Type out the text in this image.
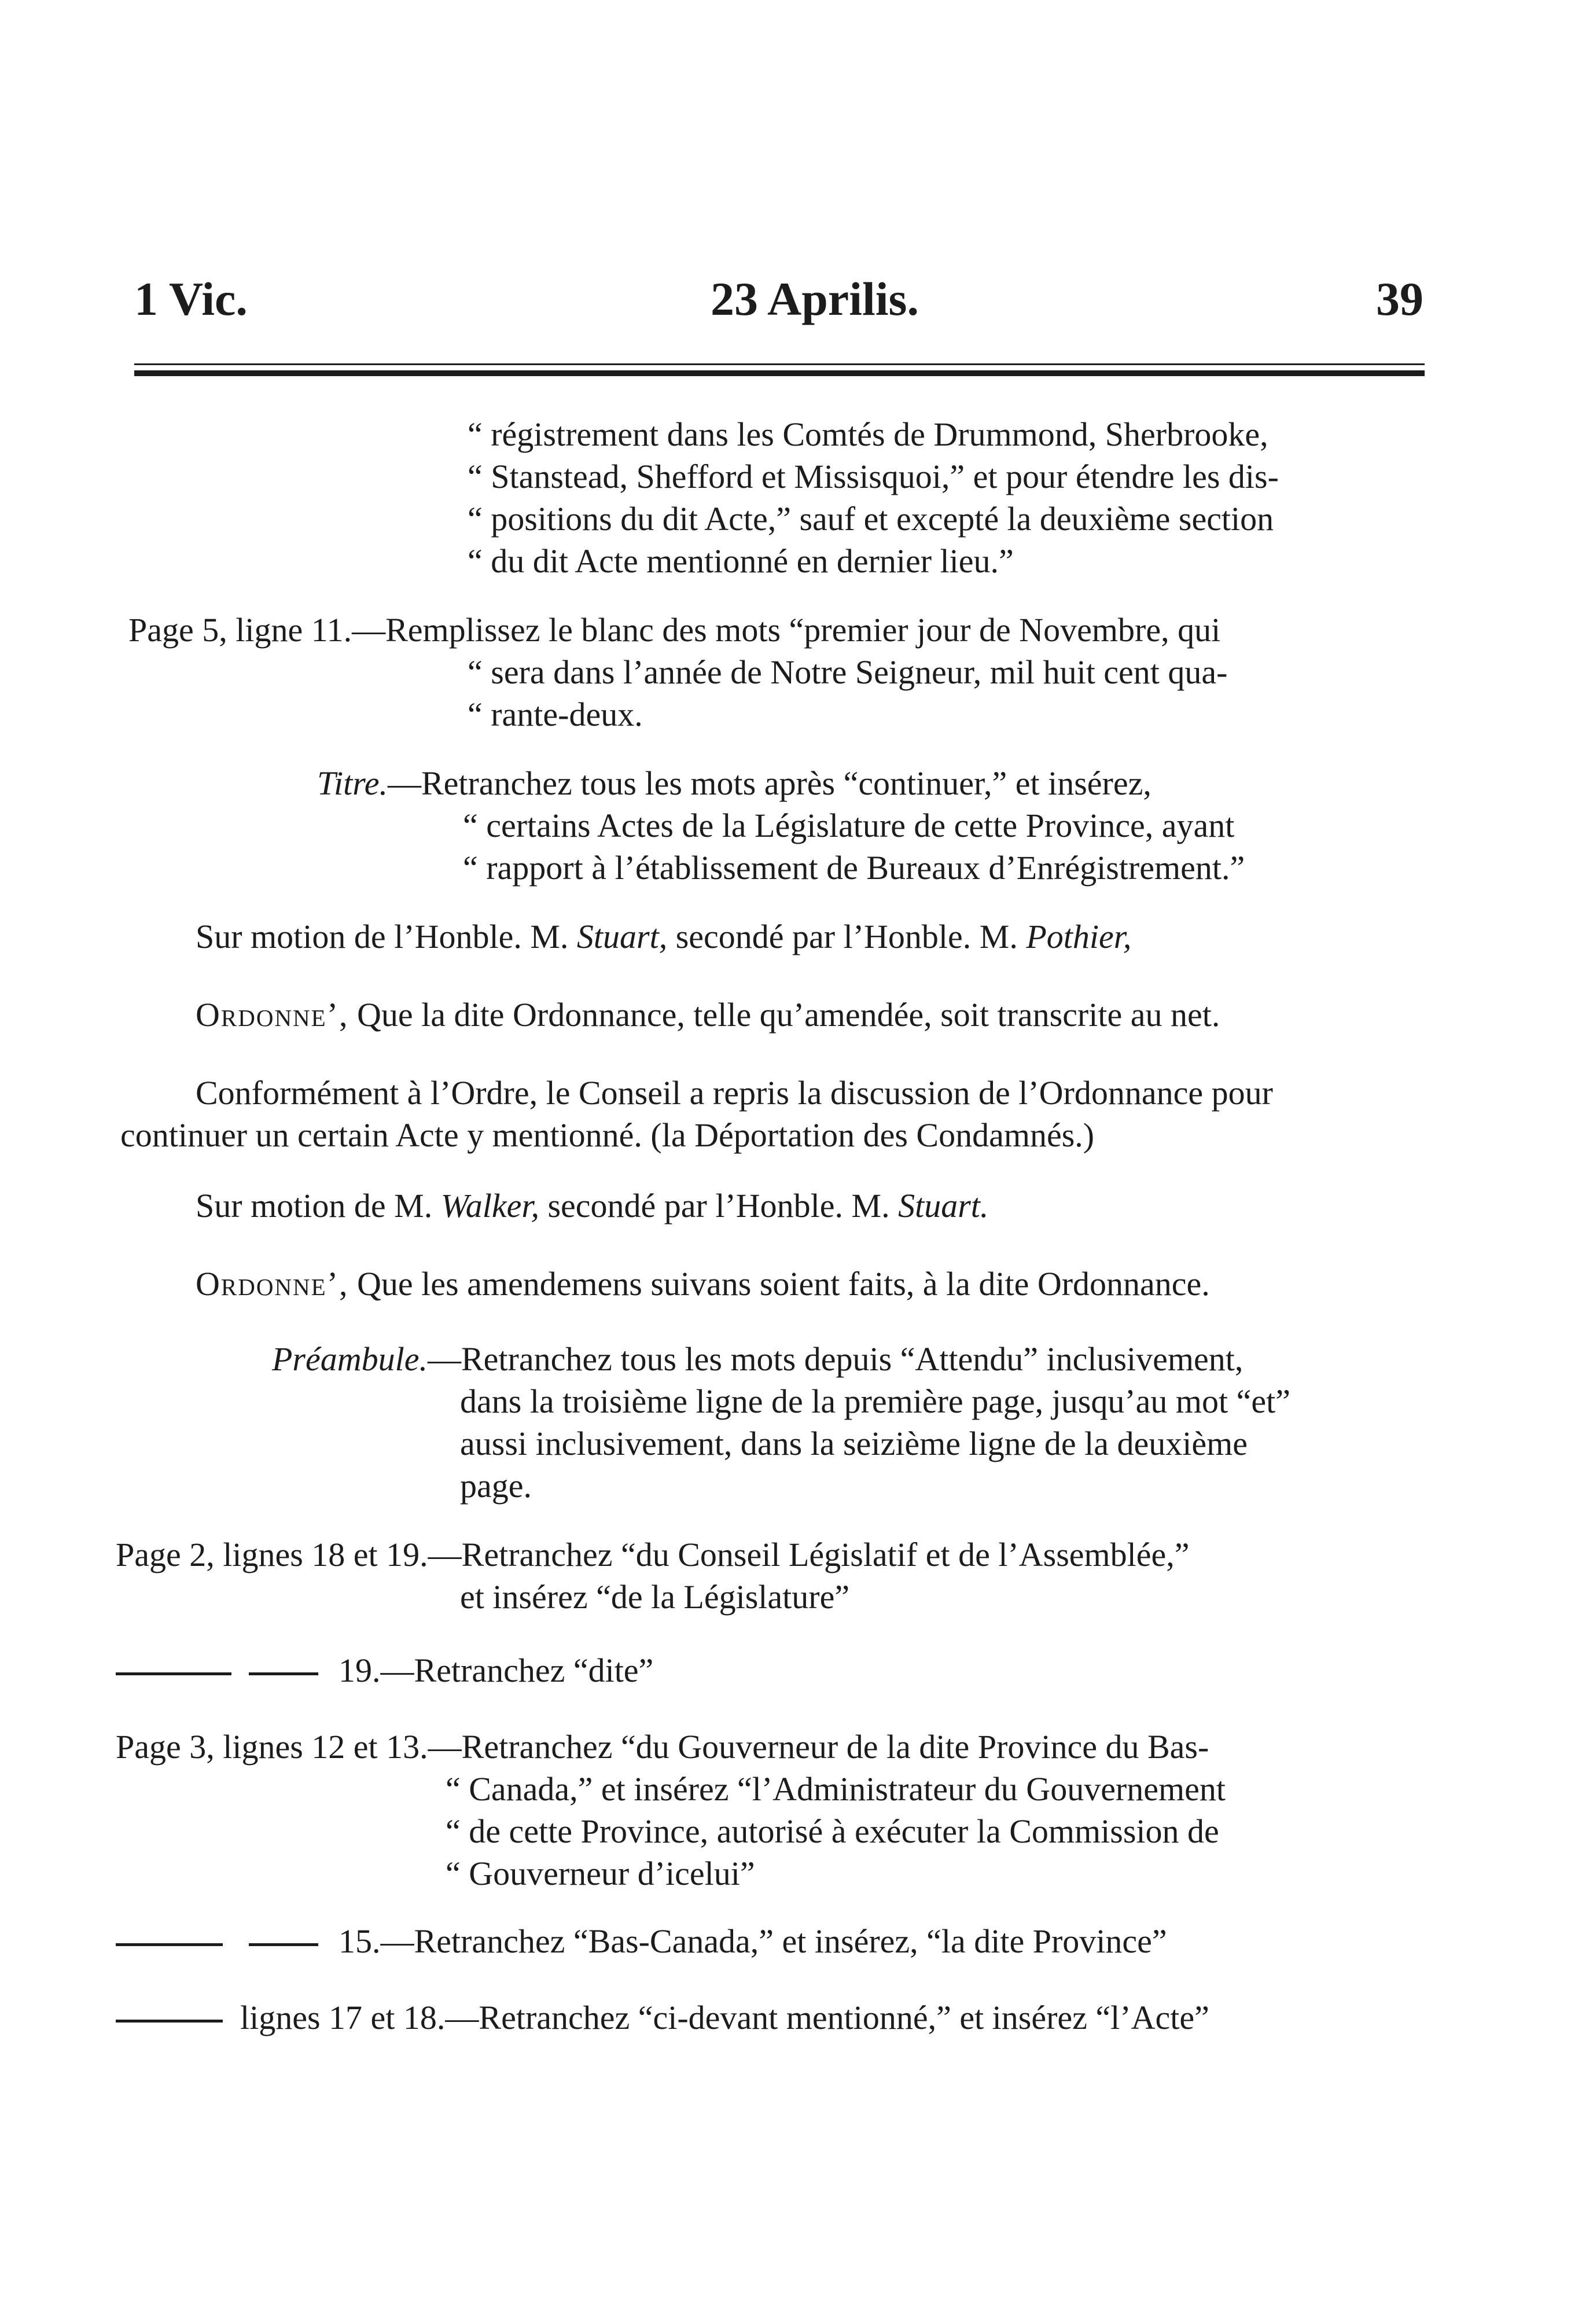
1 Vic.	23 Aprilis.	39
“ régistrement dans les Comtés de Drummond, Sherbrooke,
“ Stanstead, Shefford et Missisquoi,” et pour étendre les dis-
“ positions du dit Acte,” sauf et excepté la deuxième section
“ du dit Acte mentionné en dernier lieu.”
Page 5, ligne 11.—Remplissez le blanc des mots “premier jour de Novembre, qui
“ sera dans l’année de Notre Seigneur, mil huit cent qua-
“ rante-deux.
Titre.—Retranchez tous les mots après “continuer,” et insérez,
“ certains Actes de la Législature de cette Province, ayant
“ rapport à l’établissement de Bureaux d’Enrégistrement.”
Sur motion de l’Honble. M. Stuart, secondé par l’Honble. M. Pothier,
Ordonne’, Que la dite Ordonnance, telle qu’amendée, soit transcrite au net.
Conformément à l’Ordre, le Conseil a repris la discussion de l’Ordonnance pour
continuer un certain Acte y mentionné. (la Déportation des Condamnés.)
Sur motion de M. Walker, secondé par l’Honble. M. Stuart.
Ordonne’, Que les amendemens suivans soient faits, à la dite Ordonnance.
Préambule.—Retranchez tous les mots depuis “Attendu” inclusivement,
dans la troisième ligne de la première page, jusqu’au mot “et”
aussi inclusivement, dans la seizième ligne de la deuxième
page.
Page 2, lignes 18 et 19.—Retranchez “du Conseil Législatif et de l’Assemblée,”
et insérez “de la Législature”
19.—Retranchez “dite”
Page 3, lignes 12 et 13.—Retranchez “du Gouverneur de la dite Province du Bas-
“ Canada,” et insérez “l’Administrateur du Gouvernement
“ de cette Province, autorisé à exécuter la Commission de
“ Gouverneur d’icelui”
15.—Retranchez “Bas-Canada,” et insérez, “la dite Province”
lignes 17 et 18.—Retranchez “ci-devant mentionné,” et insérez “l’Acte”
